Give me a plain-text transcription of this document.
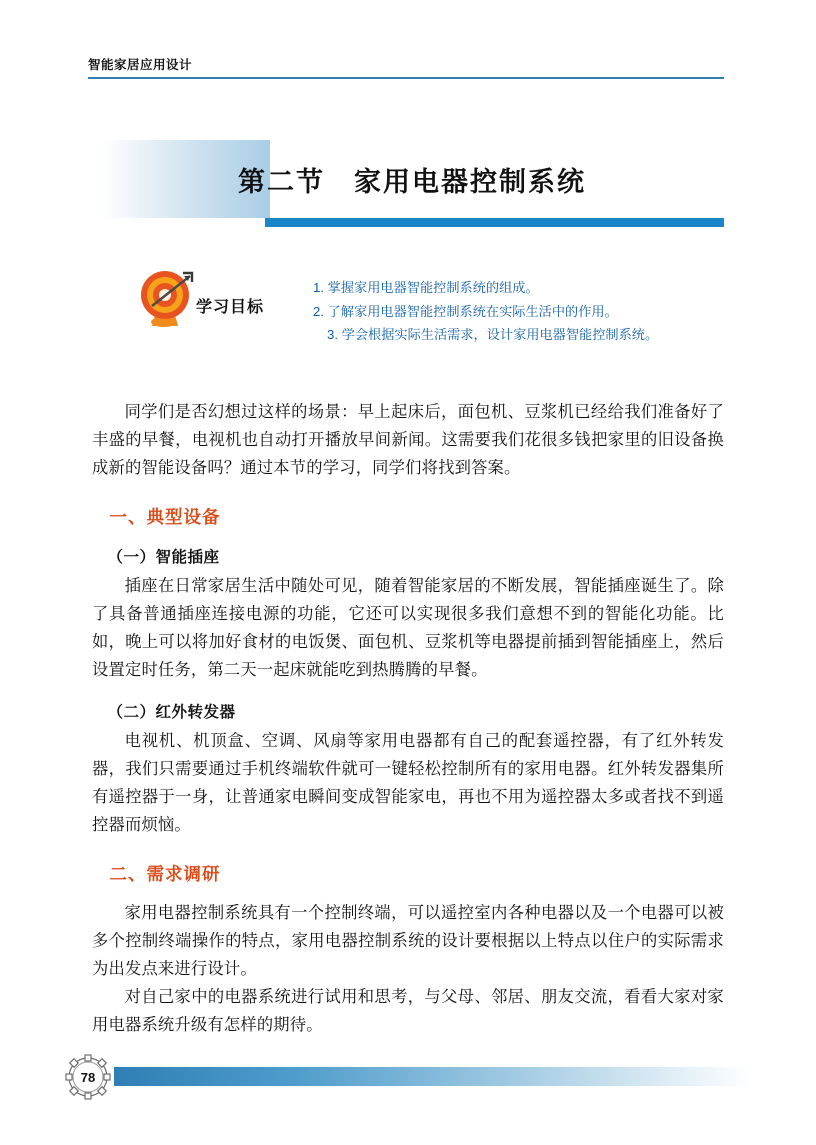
智能家居应用设计
第二节　家用电器控制系统
学习目标
1. 掌握家用电器智能控制系统的组成。
2. 了解家用电器智能控制系统在实际生活中的作用。
3. 学会根据实际生活需求，设计家用电器智能控制系统。

同学们是否幻想过这样的场景：早上起床后，面包机、豆浆机已经给我们准备好了丰盛的早餐，电视机也自动打开播放早间新闻。这需要我们花很多钱把家里的旧设备换成新的智能设备吗？通过本节的学习，同学们将找到答案。

一、典型设备
（一）智能插座

插座在日常家居生活中随处可见，随着智能家居的不断发展，智能插座诞生了。除了具备普通插座连接电源的功能，它还可以实现很多我们意想不到的智能化功能。比如，晚上可以将加好食材的电饭煲、面包机、豆浆机等电器提前插到智能插座上，然后设置定时任务，第二天一起床就能吃到热腾腾的早餐。

（二）红外转发器

电视机、机顶盒、空调、风扇等家用电器都有自己的配套遥控器，有了红外转发器，我们只需要通过手机终端软件就可一键轻松控制所有的家用电器。红外转发器集所有遥控器于一身，让普通家电瞬间变成智能家电，再也不用为遥控器太多或者找不到遥控器而烦恼。

二、需求调研

家用电器控制系统具有一个控制终端，可以遥控室内各种电器以及一个电器可以被多个控制终端操作的特点，家用电器控制系统的设计要根据以上特点以住户的实际需求为出发点来进行设计。

对自己家中的电器系统进行试用和思考，与父母、邻居、朋友交流，看看大家对家用电器系统升级有怎样的期待。

78
